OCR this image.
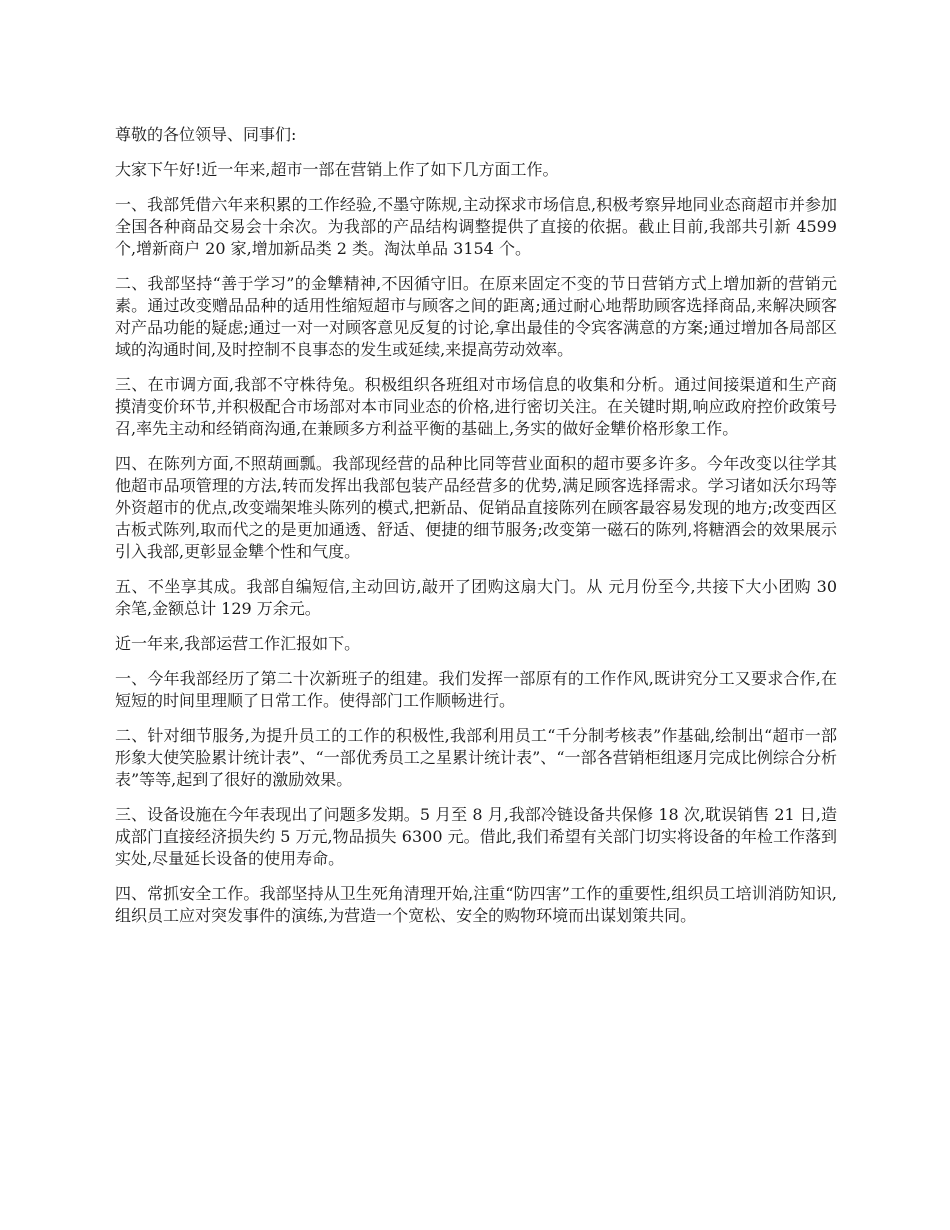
尊敬的各位领导、同事们:

大家下午好!近一年来,超市一部在营销上作了如下几方面工作。

一、我部凭借六年来积累的工作经验,不墨守陈规,主动探求市场信息,积极考察异地同业态商超市并参加全国各种商品交易会十余次。为我部的产品结构调整提供了直接的依据。截止目前,我部共引新 4599 个,增新商户 20 家,增加新品类 2 类。淘汰单品 3154 个。

二、我部坚持“善于学习”的金犨精神,不因循守旧。在原来固定不变的节日营销方式上增加新的营销元素。通过改变赠品品种的适用性缩短超市与顾客之间的距离;通过耐心地帮助顾客选择商品,来解决顾客对产品功能的疑虑;通过一对一对顾客意见反复的讨论,拿出最佳的令宾客满意的方案;通过增加各局部区域的沟通时间,及时控制不良事态的发生或延续,来提高劳动效率。

三、在市调方面,我部不守株待兔。积极组织各班组对市场信息的收集和分析。通过间接渠道和生产商摸清变价环节,并积极配合市场部对本市同业态的价格,进行密切关注。在关键时期,响应政府控价政策号召,率先主动和经销商沟通,在兼顾多方利益平衡的基础上,务实的做好金犨价格形象工作。

四、在陈列方面,不照葫画瓢。我部现经营的品种比同等营业面积的超市要多许多。今年改变以往学其他超市品项管理的方法,转而发挥出我部包装产品经营多的优势,满足顾客选择需求。学习诸如沃尔玛等外资超市的优点,改变端架堆头陈列的模式,把新品、促销品直接陈列在顾客最容易发现的地方;改变西区古板式陈列,取而代之的是更加通透、舒适、便捷的细节服务;改变第一磁石的陈列,将糖酒会的效果展示引入我部,更彰显金犨个性和气度。

五、不坐享其成。我部自编短信,主动回访,敲开了团购这扇大门。从 元月份至今,共接下大小团购 30 余笔,金额总计 129 万余元。

近一年来,我部运营工作汇报如下。

一、今年我部经历了第二十次新班子的组建。我们发挥一部原有的工作作风,既讲究分工又要求合作,在短短的时间里理顺了日常工作。使得部门工作顺畅进行。

二、针对细节服务,为提升员工的工作的积极性,我部利用员工“千分制考核表”作基础,绘制出“超市一部形象大使笑脸累计统计表”、“一部优秀员工之星累计统计表”、“一部各营销柜组逐月完成比例综合分析表”等等,起到了很好的激励效果。

三、设备设施在今年表现出了问题多发期。5 月至 8 月,我部冷链设备共保修 18 次,耽误销售 21 日,造成部门直接经济损失约 5 万元,物品损失 6300 元。借此,我们希望有关部门切实将设备的年检工作落到实处,尽量延长设备的使用寿命。

四、常抓安全工作。我部坚持从卫生死角清理开始,注重“防四害”工作的重要性,组织员工培训消防知识,组织员工应对突发事件的演练,为营造一个宽松、安全的购物环境而出谋划策共同。
